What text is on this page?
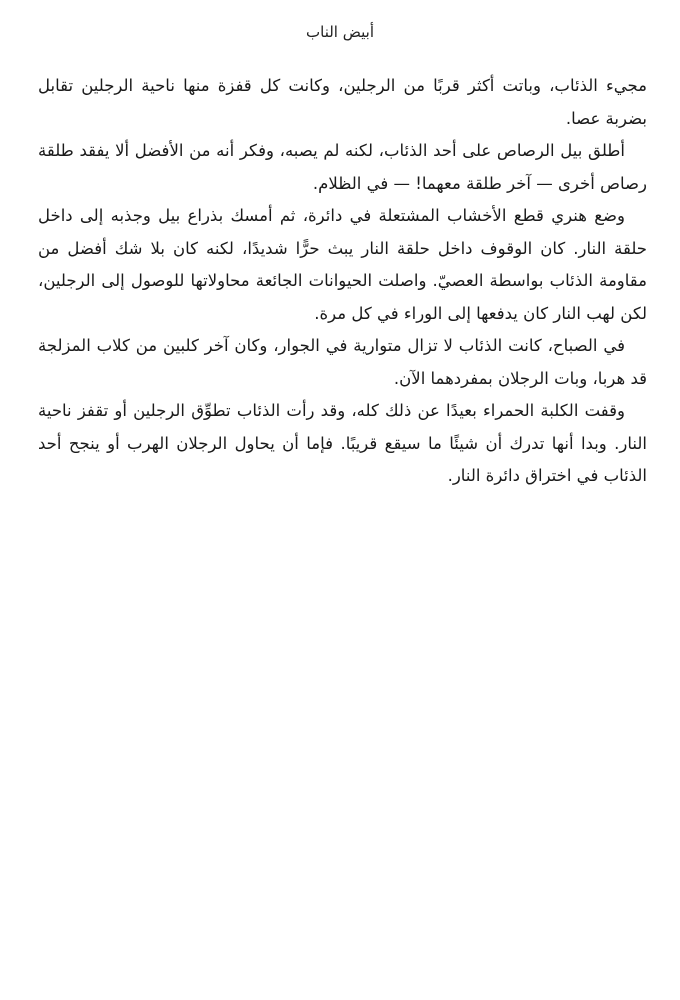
أبيض الناب

مجيء الذئاب، وباتت أكثر قربًا من الرجلين، وكانت كل قفزة منها ناحية الرجلين تقابل بضربة عصا.

أطلق بيل الرصاص على أحد الذئاب، لكنه لم يصبه، وفكر أنه من الأفضل ألا يفقد طلقة رصاص أخرى — آخر طلقة معهما! — في الظلام.

وضع هنري قطع الأخشاب المشتعلة في دائرة، ثم أمسك بذراع بيل وجذبه إلى داخل حلقة النار. كان الوقوف داخل حلقة النار يبث حرًّا شديدًا، لكنه كان بلا شك أفضل من مقاومة الذئاب بواسطة العصيّ. واصلت الحيوانات الجائعة محاولاتها للوصول إلى الرجلين، لكن لهب النار كان يدفعها إلى الوراء في كل مرة.

في الصباح، كانت الذئاب لا تزال متوارية في الجوار، وكان آخر كلبين من كلاب المزلجة قد هربا، وبات الرجلان بمفردهما الآن.

وقفت الكلبة الحمراء بعيدًا عن ذلك كله، وقد رأت الذئاب تطوِّق الرجلين أو تقفز ناحية النار. وبدا أنها تدرك أن شيئًا ما سيقع قريبًا. فإما أن يحاول الرجلان الهرب أو ينجح أحد الذئاب في اختراق دائرة النار.
